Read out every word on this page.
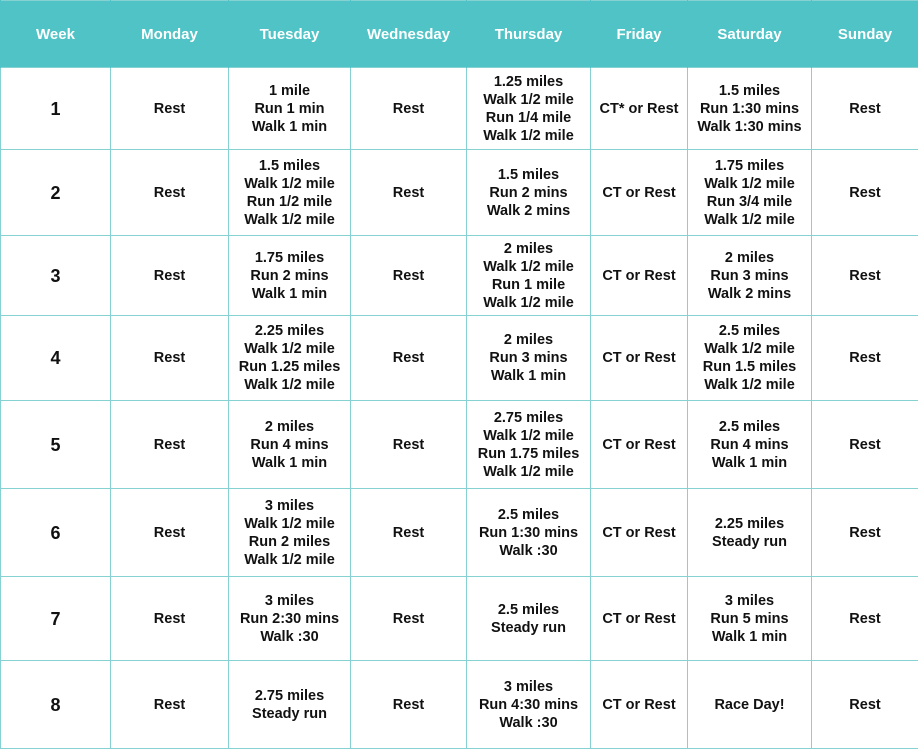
Week	Monday	Tuesday	Wednesday	Thursday	Friday	Saturday	Sunday
1	Rest	1 mile
Run 1 min
Walk 1 min	Rest	1.25 miles
Walk 1/2 mile
Run 1/4 mile
Walk 1/2 mile	CT* or Rest	1.5 miles
Run 1:30 mins
Walk 1:30 mins	Rest

2	Rest	1.5 miles
Walk 1/2 mile
Run 1/2 mile
Walk 1/2 mile	Rest	1.5 miles
Run 2 mins
Walk 2 mins	CT or Rest	1.75 miles
Walk 1/2 mile
Run 3/4 mile
Walk 1/2 mile	Rest

3	Rest	1.75 miles
Run 2 mins
Walk 1 min	Rest	2 miles
Walk 1/2 mile
Run 1 mile
Walk 1/2 mile	CT or Rest	2 miles
Run 3 mins
Walk 2 mins	Rest

4	Rest	2.25 miles
Walk 1/2 mile
Run 1.25 miles
Walk 1/2 mile	Rest	2 miles
Run 3 mins
Walk 1 min	CT or Rest	2.5 miles
Walk 1/2 mile
Run 1.5 miles
Walk 1/2 mile	Rest

5	Rest	2 miles
Run 4 mins
Walk 1 min	Rest	2.75 miles
Walk 1/2 mile
Run 1.75 miles
Walk 1/2 mile	CT or Rest	2.5 miles
Run 4 mins
Walk 1 min	Rest

6	Rest	3 miles
Walk 1/2 mile
Run 2 miles
Walk 1/2 mile	Rest	2.5 miles
Run 1:30 mins
Walk :30	CT or Rest	2.25 miles
Steady run	Rest

7	Rest	3 miles
Run 2:30 mins
Walk :30	Rest	2.5 miles
Steady run	CT or Rest	3 miles
Run 5 mins
Walk 1 min	Rest

8	Rest	2.75 miles
Steady run	Rest	3 miles
Run 4:30 mins
Walk :30	CT or Rest	Race Day!	Rest
